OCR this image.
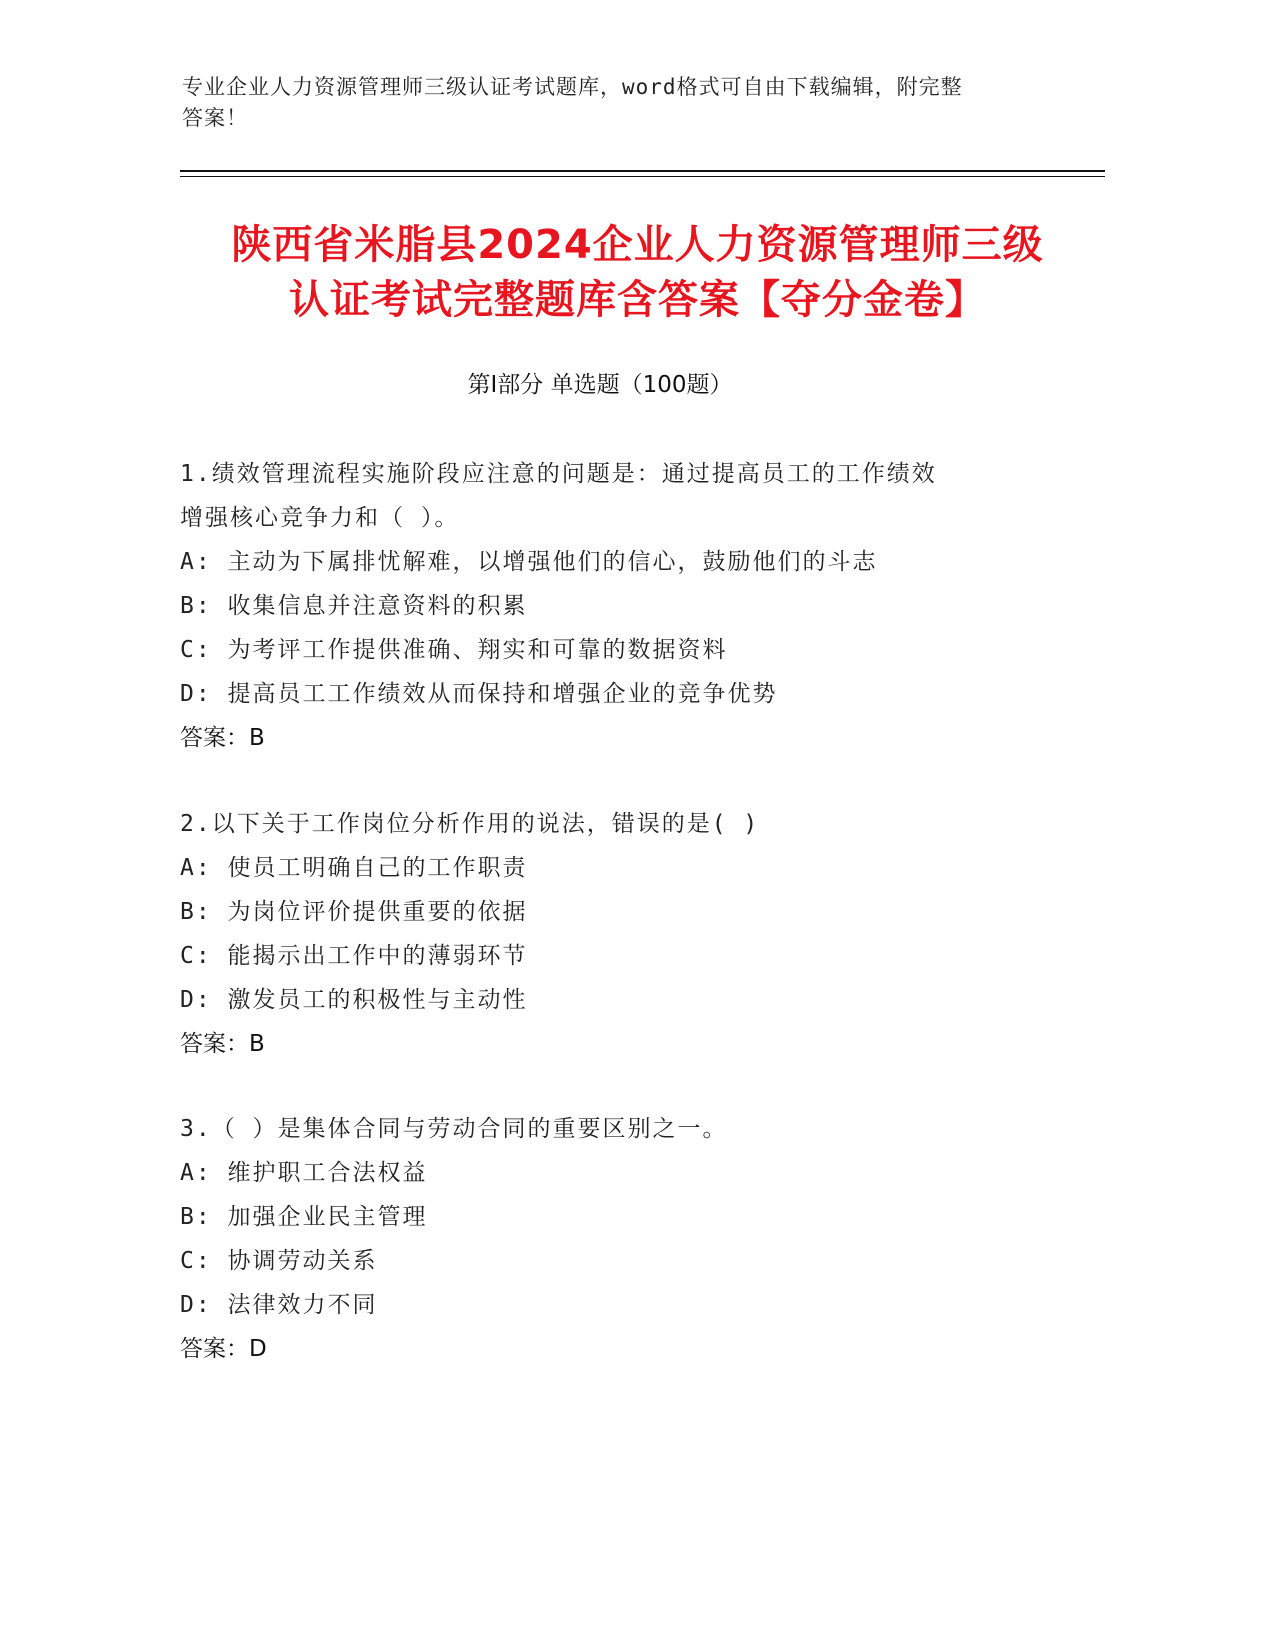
专业企业人力资源管理师三级认证考试题库，word格式可自由下载编辑，附完整
答案！
陕西省米脂县2024企业人力资源管理师三级
认证考试完整题库含答案【夺分金卷】
第Ⅰ部分 单选题（100题）
1.绩效管理流程实施阶段应注意的问题是：通过提高员工的工作绩效
增强核心竞争力和（ ）。
A: 主动为下属排忧解难，以增强他们的信心，鼓励他们的斗志
B: 收集信息并注意资料的积累
C: 为考评工作提供准确、翔实和可靠的数据资料
D: 提高员工工作绩效从而保持和增强企业的竞争优势
答案：B
2.以下关于工作岗位分析作用的说法，错误的是( )
A: 使员工明确自己的工作职责
B: 为岗位评价提供重要的依据
C: 能揭示出工作中的薄弱环节
D: 激发员工的积极性与主动性
答案：B
3.（ ）是集体合同与劳动合同的重要区别之一。
A: 维护职工合法权益
B: 加强企业民主管理
C: 协调劳动关系
D: 法律效力不同
答案：D
